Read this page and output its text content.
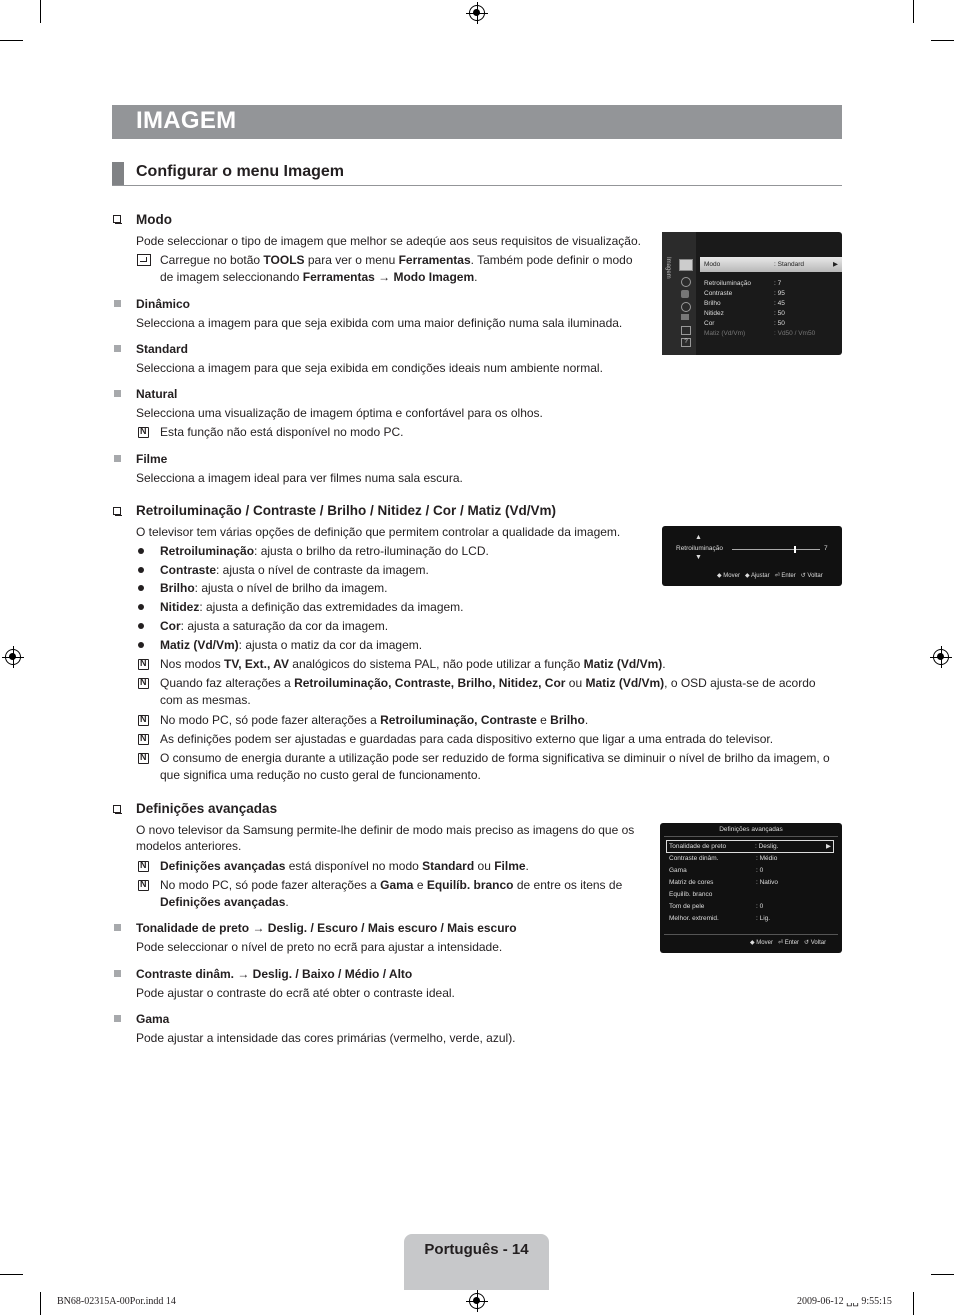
IMAGEM
Configurar o menu Imagem
Modo
Pode seleccionar o tipo de imagem que melhor se adeqúe aos seus requisitos de visualização.
Carregue no botão TOOLS para ver o menu Ferramentas. Também pode definir o modo
de imagem seleccionando Ferramentas → Modo Imagem.
Dinâmico
Selecciona a imagem para que seja exibida com uma maior definição numa sala iluminada.
Standard
Selecciona a imagem para que seja exibida em condições ideais num ambiente normal.
Natural
Selecciona uma visualização de imagem óptima e confortável para os olhos.
N
Esta função não está disponível no modo PC.
Filme
Selecciona a imagem ideal para ver filmes numa sala escura.
Imagem
?
Modo	: Standard	▶
Retroiluminação	: 7
Contraste	: 95
Brilho	: 45
Nitidez	: 50
Cor	: 50
Matiz (Vd/Vm)	: Vd50 / Vm50
Retroiluminação / Contraste / Brilho / Nitidez / Cor / Matiz (Vd/Vm)
O televisor tem várias opções de definição que permitem controlar a qualidade da imagem.
Retroiluminação: ajusta o brilho da retro-iluminação do LCD.
Contraste: ajusta o nível de contraste da imagem.
Brilho: ajusta o nível de brilho da imagem.
Nitidez: ajusta a definição das extremidades da imagem.
Cor: ajusta a saturação da cor da imagem.
Matiz (Vd/Vm): ajusta o matiz da cor da imagem.
N
Nos modos TV, Ext., AV analógicos do sistema PAL, não pode utilizar a função Matiz (Vd/Vm).
N
Quando faz alterações a Retroiluminação, Contraste, Brilho, Nitidez, Cor ou Matiz (Vd/Vm), o OSD ajusta-se de acordo
com as mesmas.
N
No modo PC, só pode fazer alterações a Retroiluminação, Contraste e Brilho.
N
As definições podem ser ajustadas e guardadas para cada dispositivo externo que ligar a uma entrada do televisor.
N
O consumo de energia durante a utilização pode ser reduzido de forma significativa se diminuir o nível de brilho da imagem, o
que significa uma redução no custo geral de funcionamento.
▲
Retroiluminação
▼
7
◆ Mover ◆ Ajustar ⏎ Enter ↺ Voltar
Definições avançadas
O novo televisor da Samsung permite-lhe definir de modo mais preciso as imagens do que os
modelos anteriores.
N
Definições avançadas está disponível no modo Standard ou Filme.
N
No modo PC, só pode fazer alterações a Gama e Equilíb. branco de entre os itens de
Definições avançadas.
Tonalidade de preto → Deslig. / Escuro / Mais escuro / Mais escuro
Pode seleccionar o nível de preto no ecrã para ajustar a intensidade.
Contraste dinâm. → Deslig. / Baixo / Médio / Alto
Pode ajustar o contraste do ecrã até obter o contraste ideal.
Gama
Pode ajustar a intensidade das cores primárias (vermelho, verde, azul).
Definições avançadas
Tonalidade de preto	: Deslig.	▶
Contraste dinâm.	: Médio
Gama	: 0
Matriz de cores	: Nativo
Equilíb. branco
Tom de pele	: 0
Melhor. extremid.	: Lig.
◆ Mover ⏎ Enter ↺ Voltar
Português - 14
BN68-02315A-00Por.indd 14	2009-06-12 ␣␣ 9:55:15
